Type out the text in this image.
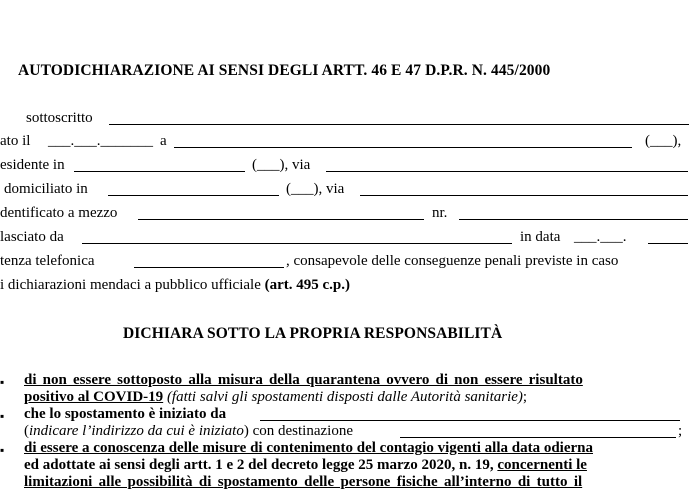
AUTODICHIARAZIONE AI SENSI DEGLI ARTT. 46 E 47 D.P.R. N. 445/2000
sottoscritto
ato il ___.___._______ a	(___),
esidente in	(___), via
domiciliato in	(___), via
dentificato a mezzo	nr.
lasciato da	in data ___.___.
tenza telefonica	, consapevole delle conseguenze penali previste in caso
i dichiarazioni mendaci a pubblico ufficiale (art. 495 c.p.)
DICHIARA SOTTO LA PROPRIA RESPONSABILITÀ
▪ di non essere sottoposto alla misura della quarantena ovvero di non essere risultato
positivo al COVID-19 (fatti salvi gli spostamenti disposti dalle Autorità sanitarie);
▪ che lo spostamento è iniziato da
(indicare l’indirizzo da cui è iniziato) con destinazione	;
▪ di essere a conoscenza delle misure di contenimento del contagio vigenti alla data odierna
ed adottate ai sensi degli artt. 1 e 2 del decreto legge 25 marzo 2020, n. 19, concernenti le
limitazioni alle possibilità di spostamento delle persone fisiche all’interno di tutto il
